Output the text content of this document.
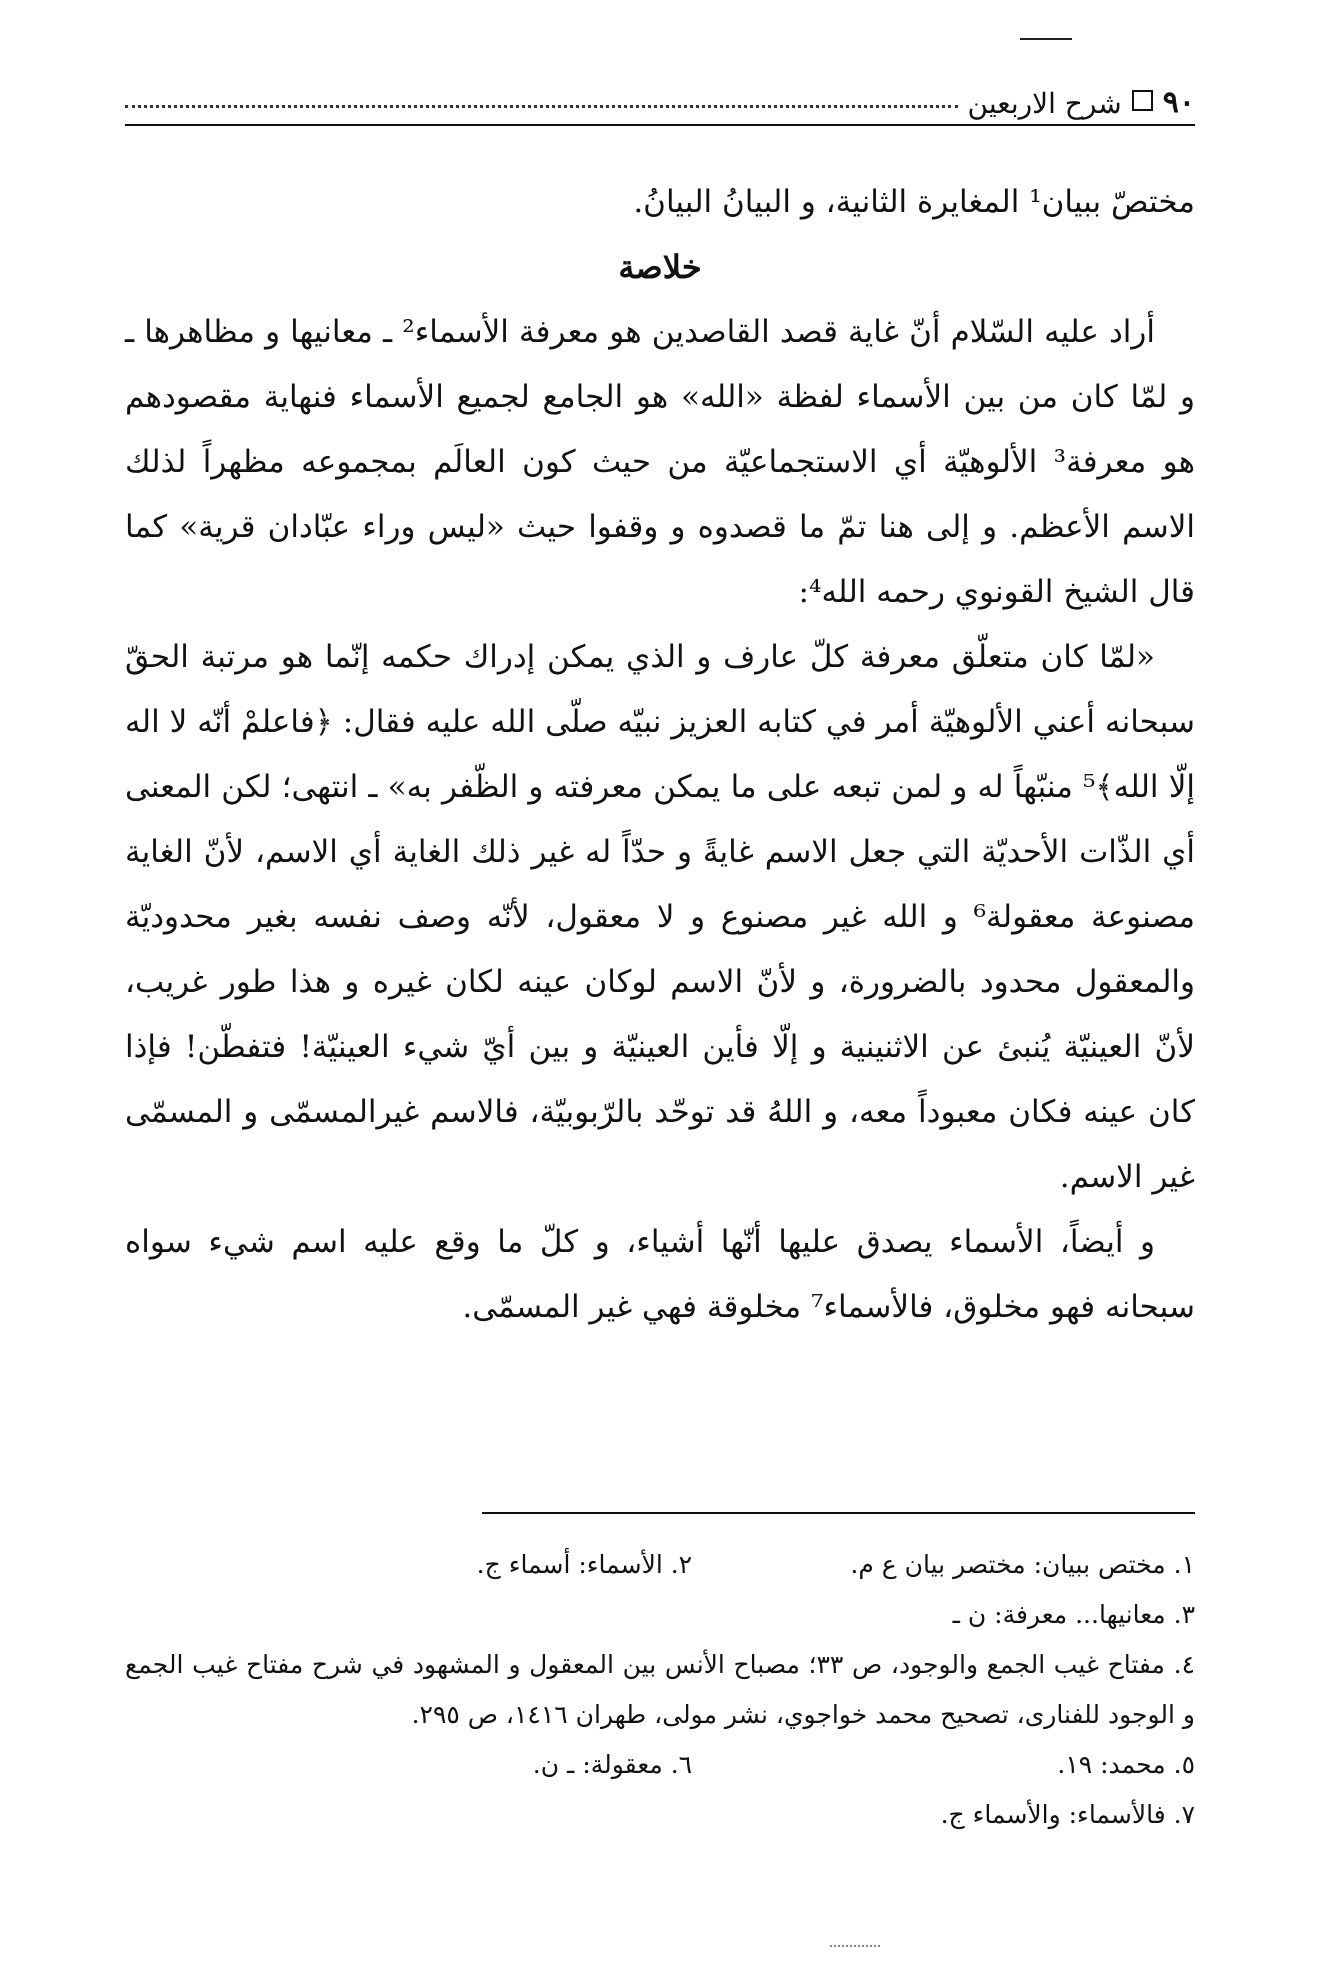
٩٠
شرح الاربعين

مختصّ ببيان¹ المغايرة الثانية، و البيانُ البيانُ.

خلاصة

أراد عليه السّلام أنّ غاية قصد القاصدين هو معرفة الأسماء² ـ معانيها و مظاهرها ـ و لمّا كان من بين الأسماء لفظة «الله» هو الجامع لجميع الأسماء فنهاية مقصودهم هو معرفة³ الألوهيّة أي الاستجماعيّة من حيث كون العالَم بمجموعه مظهراً لذلك الاسم الأعظم. و إلى هنا تمّ ما قصدوه و وقفوا حيث «ليس وراء عبّادان قرية» كما قال الشيخ القونوي رحمه الله⁴:

«لمّا كان متعلّق معرفة كلّ عارف و الذي يمكن إدراك حكمه إنّما هو مرتبة الحقّ سبحانه أعني الألوهيّة أمر في كتابه العزيز نبيّه صلّى الله عليه فقال: ﴿فاعلمْ أنّه لا اله إلّا الله﴾⁵ منبّهاً له و لمن تبعه على ما يمكن معرفته و الظّفر به» ـ انتهى؛ لكن المعنى أي الذّات الأحديّة التي جعل الاسم غايةً و حدّاً له غير ذلك الغاية أي الاسم، لأنّ الغاية مصنوعة معقولة⁶ و الله غير مصنوع و لا معقول، لأنّه وصف نفسه بغير محدوديّة والمعقول محدود بالضرورة، و لأنّ الاسم لوكان عينه لكان غيره و هذا طور غريب، لأنّ العينيّة يُنبئ عن الاثنينية و إلّا فأين العينيّة و بين أيّ شيء العينيّة! فتفطّن! فإذا كان عينه فكان معبوداً معه، و اللهُ قد توحّد بالرّبوبيّة، فالاسم غيرالمسمّى و المسمّى غير الاسم.

و أيضاً، الأسماء يصدق عليها أنّها أشياء، و كلّ ما وقع عليه اسم شيء سواه سبحانه فهو مخلوق، فالأسماء⁷ مخلوقة فهي غير المسمّى.

١. مختص ببيان: مختصر بيان ع م.
٢. الأسماء: أسماء ج.

٣. معانيها... معرفة: ن ـ

٤. مفتاح غيب الجمع والوجود، ص ٣٣؛ مصباح الأنس بين المعقول و المشهود في شرح مفتاح غيب الجمع و الوجود للفناری، تصحیح محمد خواجوي، نشر مولى، طهران ١٤١٦، ص ٢٩٥.

٥. محمد: ١٩.
٦. معقولة: ـ ن.

٧. فالأسماء: والأسماء ج.
